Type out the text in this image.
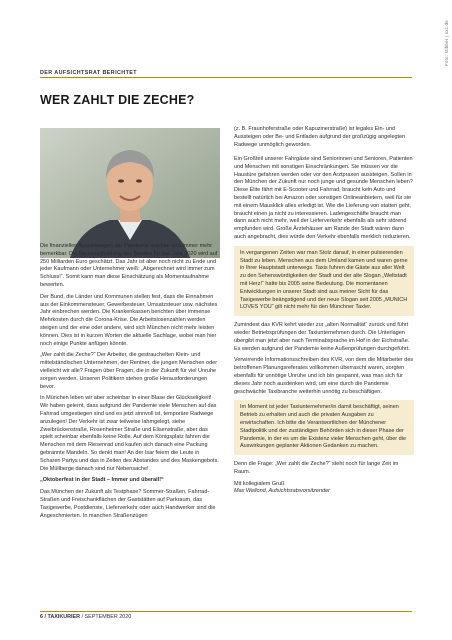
Foto: stibber | sxc.de
DER AUFSICHTSRAT BERICHTET
WER ZAHLT DIE ZECHE?
(z. B. Fraunhoferstraße oder Kapuzinerstraße) ist legales Ein- und Aussteigen oder Be- und Entladen aufgrund der großzügig angelegten Radwege unmöglich geworden.

Die finanziellen Auswirkungen der Pandemie machen sich immer mehr bemerkbar. Die Neuverschuldung des Bundes für das Jahr 2020 wird auf 250 Milliarden Euro geschätzt. Das Jahr ist aber noch nicht zu Ende und jeder Kaufmann oder Unternehmer weiß: „Abgerechnet wird immer zum Schluss!“. Somit kann man diese Einschätzung als Momentaufnahme bewerten.

Der Bund, die Länder und Kommunen stellen fest, dass die Einnahmen aus der Einkommensteuer, Gewerbesteuer, Umsatzsteuer usw. nächstes Jahr einbrechen werden. Die Krankenkassen berichten über immense Mehrkosten durch die Corona-Krise. Die Arbeitslosenzahlen werden steigen und der eine oder andere, wird sich München nicht mehr leisten können. Dies ist in kurzen Worten die aktuelle Sachlage, wobei man hier noch einige Punkte anfügen könnte.

„Wer zahlt die Zeche?“ Der Arbeiter, die gestrauchelten Klein- und mittelständischen Unternehmen, der Rentner, die jungen Menschen oder vielleicht wir alle? Fragen über Fragen, die in der Zukunft für viel Unruhe sorgen werden. Unseren Politikern stehen große Herausforderungen bevor.

In München leben wir aber scheinbar in einer Blase der Glückseligkeit! Wir haben gelernt, dass aufgrund der Pandemie viele Menschen auf das Fahrrad umgestiegen sind und es jetzt sinnvoll ist, temporäre Radwege anzulegen! Der Verkehr ist zwar teilweise lahmgelegt, siehe Zweibrückenstraße, Rosenheimer Straße und Elisenstraße, aber das spielt scheinbar ebenfalls keine Rolle. Auf dem Königsplatz fahren die Menschen mit dem Riesenrad und kaufen sich danach eine Packung gebrannte Mandeln. So denkt man! An der Isar feiern die Leute in Scharen Partys und das in Zeiten des Abstandes und des Maskengebots. Die Müllberge danach sind nur Nebensache!

„Oktoberfest in der Stadt – Immer und überall!“

Das München der Zukunft als Testphase? Sommer-Straßen, Fahrrad-Straßen und Freischankflächen der Gaststätten auf Parkraum, das Taxigewerbe, Postdienste, Lieferverkehr oder auch Handwerker sind die Angeschmierten. In manchen Straßenzügen

Ein Großteil unserer Fahrgäste sind Seniorinnen und Senioren, Patienten und Menschen mit sonstigen Einschränkungen. Sie müssen vor die Haustüre gefahren werden oder vor den Arztpraxen aussteigen. Sollen in den München der Zukunft nur noch junge und gesunde Menschen leben? Diese Elite fährt mit E-Scooter und Fahrrad, braucht kein Auto und bestellt natürlich bei Amazon oder sonstigen Onlineanbietern, weil für sie mit einem Mausklick alles erledigt ist. Wie die Lieferung von statten geht, braucht einen ja nicht zu interessieren. Ladengeschäfte braucht man dann auch nicht mehr, weil der Lieferverkehr ebenfalls als sehr störend empfunden wird. Große Ärztehäuser am Rande der Stadt wären dann auch angebracht, dies würde den Verkehr ebenfalls merklich reduzieren.

In vergangenen Zeiten war man Stolz darauf, in einer pulsierenden Stadt zu leben. Menschen aus dem Umland kamen und waren gerne in Ihrer Hauptstadt unterwegs. Taxis fuhren die Gäste aus aller Welt zu den Sehenswürdigkeiten der Stadt und der alte Slogan „Weltstadt mit Herz!“ hatte bis 2005 seine Bedeutung. Die momentanen Entwicklungen in unserer Stadt sind aus meiner Sicht für das Taxigewerbe beängstigend und der neue Slogan seit 2005 „MUNICH LOVES YOU“ gilt nicht mehr für den Münchner Taxler.

Zumindest das KVR kehrt wieder zur „alten Normalität“ zurück und führt wieder Betriebsprüfungen der Taxiunternehmen durch. Die Unterlagen übergibt man jetzt aber nach Terminabsprache im Hof in der Eichstraße. Es werden aufgrund der Pandemie keine Außenprüfungen durchgeführt.

Verwirrende Informationsschreiben des KVR, von dem die Mitarbeiter des betroffenen Planungsreferates vollkommen überrascht waren, sorgten ebenfalls für unnötige Unruhe und ich bin gespannt, was man sich für dieses Jahr noch ausdenken wird, um eine durch die Pandemie geschwächte Taxibranche weiterhin unnötig zu beschäftigen.

Im Moment ist jeder Taxiunternehmer/in damit beschäftigt, seinen Betrieb zu erhalten und auch die privaten Ausgaben zu erwirtschaften. Ich bitte die Verantwortlichen der Münchener Stadtpolitik und der zuständigen Behörden sich in dieser Phase der Pandemie, in der es um die Existenz vieler Menschen geht, über die Auswirkungen geplanter Aktionen Gedanken zu machen.

Denn die Frage: „Wer zahlt die Zeche?“ steht noch für lange Zeit im Raum.

Mit kollegialem Gruß

Max Wellond, Aufsichtsratsvorsitzender

6 / TAXIKURIER / SEPTEMBER 2020
